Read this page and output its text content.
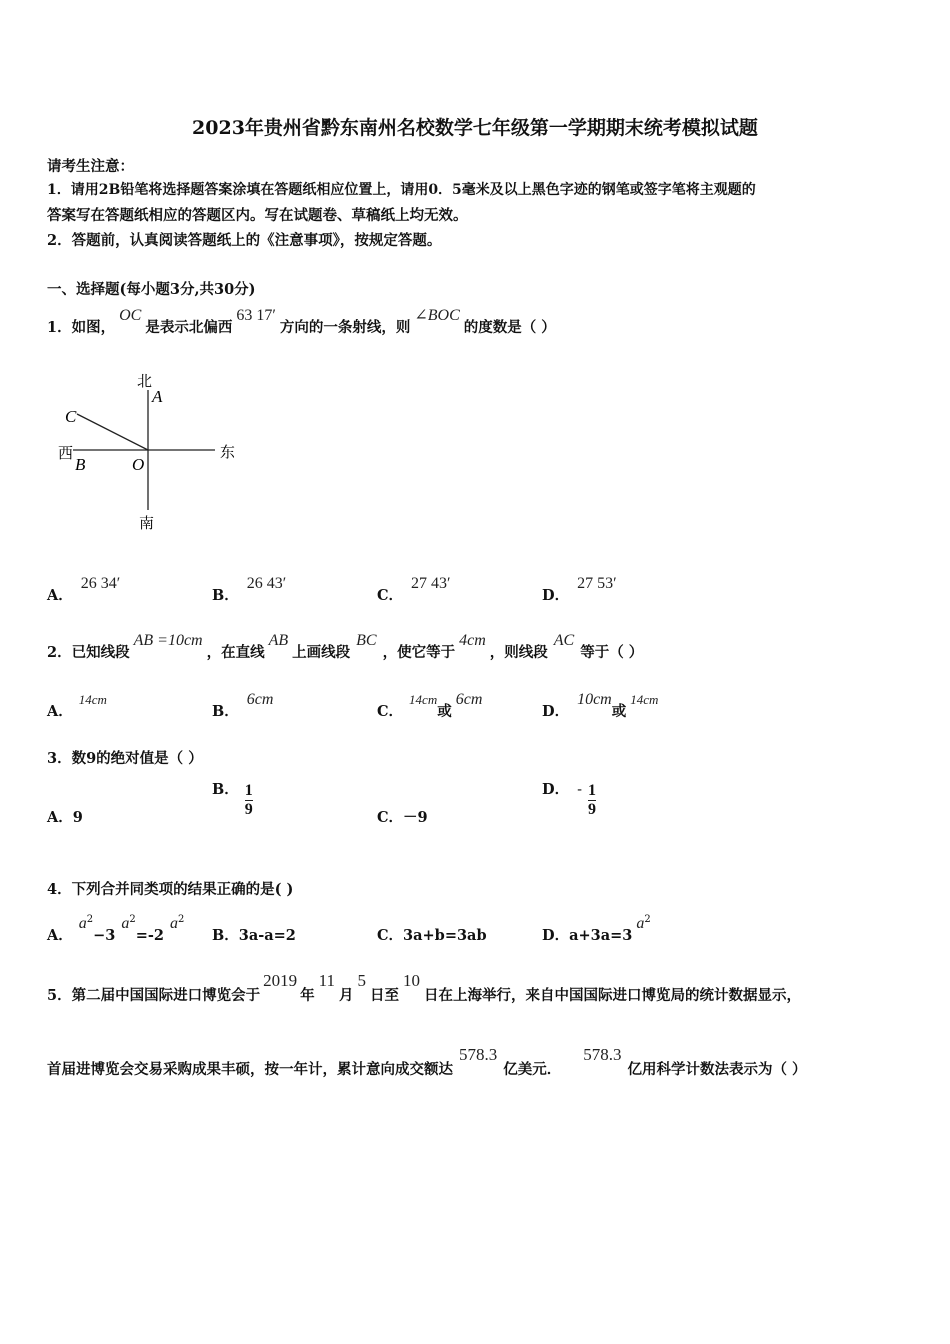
2023年贵州省黔东南州名校数学七年级第一学期期末统考模拟试题
请考生注意：
1．请用2B铅笔将选择题答案涂填在答题纸相应位置上，请用0．5毫米及以上黑色字迹的钢笔或签字笔将主观题的
答案写在答题纸相应的答题区内。写在试题卷、草稿纸上均无效。
2．答题前，认真阅读答题纸上的《注意事项》，按规定答题。
一、选择题(每小题3分,共30分)
1．如图，OC是表示北偏西63 17′方向的一条射线，则∠BOC的度数是（ ）
北
A
C
西
B	O
东
南
A．26 34′
B．26 43′
C．27 43′
D．27 53′
2．已知线段AB =10cm，在直线AB上画线段BC，使它等于4cm，则线段AC等于（ ）
A．14cm
B．6cm
C．14cm或6cm
D．10cm或14cm
3．数9的绝对值是（ ）
A．9
B． $\frac{1}{9}$	C．－9
D． - $\frac{1}{9}$
4．下列合并同类项的结果正确的是( )
A．$a^2-3a^2=-2a^2$
B．3a-a=2	C．3a+b=3ab	D．$a+3a=3a^2$
5．第二届中国国际进口博览会于2019年11月5日至10日在上海举行，来自中国国际进口博览局的统计数据显示，
首届进博览会交易采购成果丰硕，按一年计，累计意向成交额达578.3亿美元．578.3亿用科学计数法表示为（ ）
